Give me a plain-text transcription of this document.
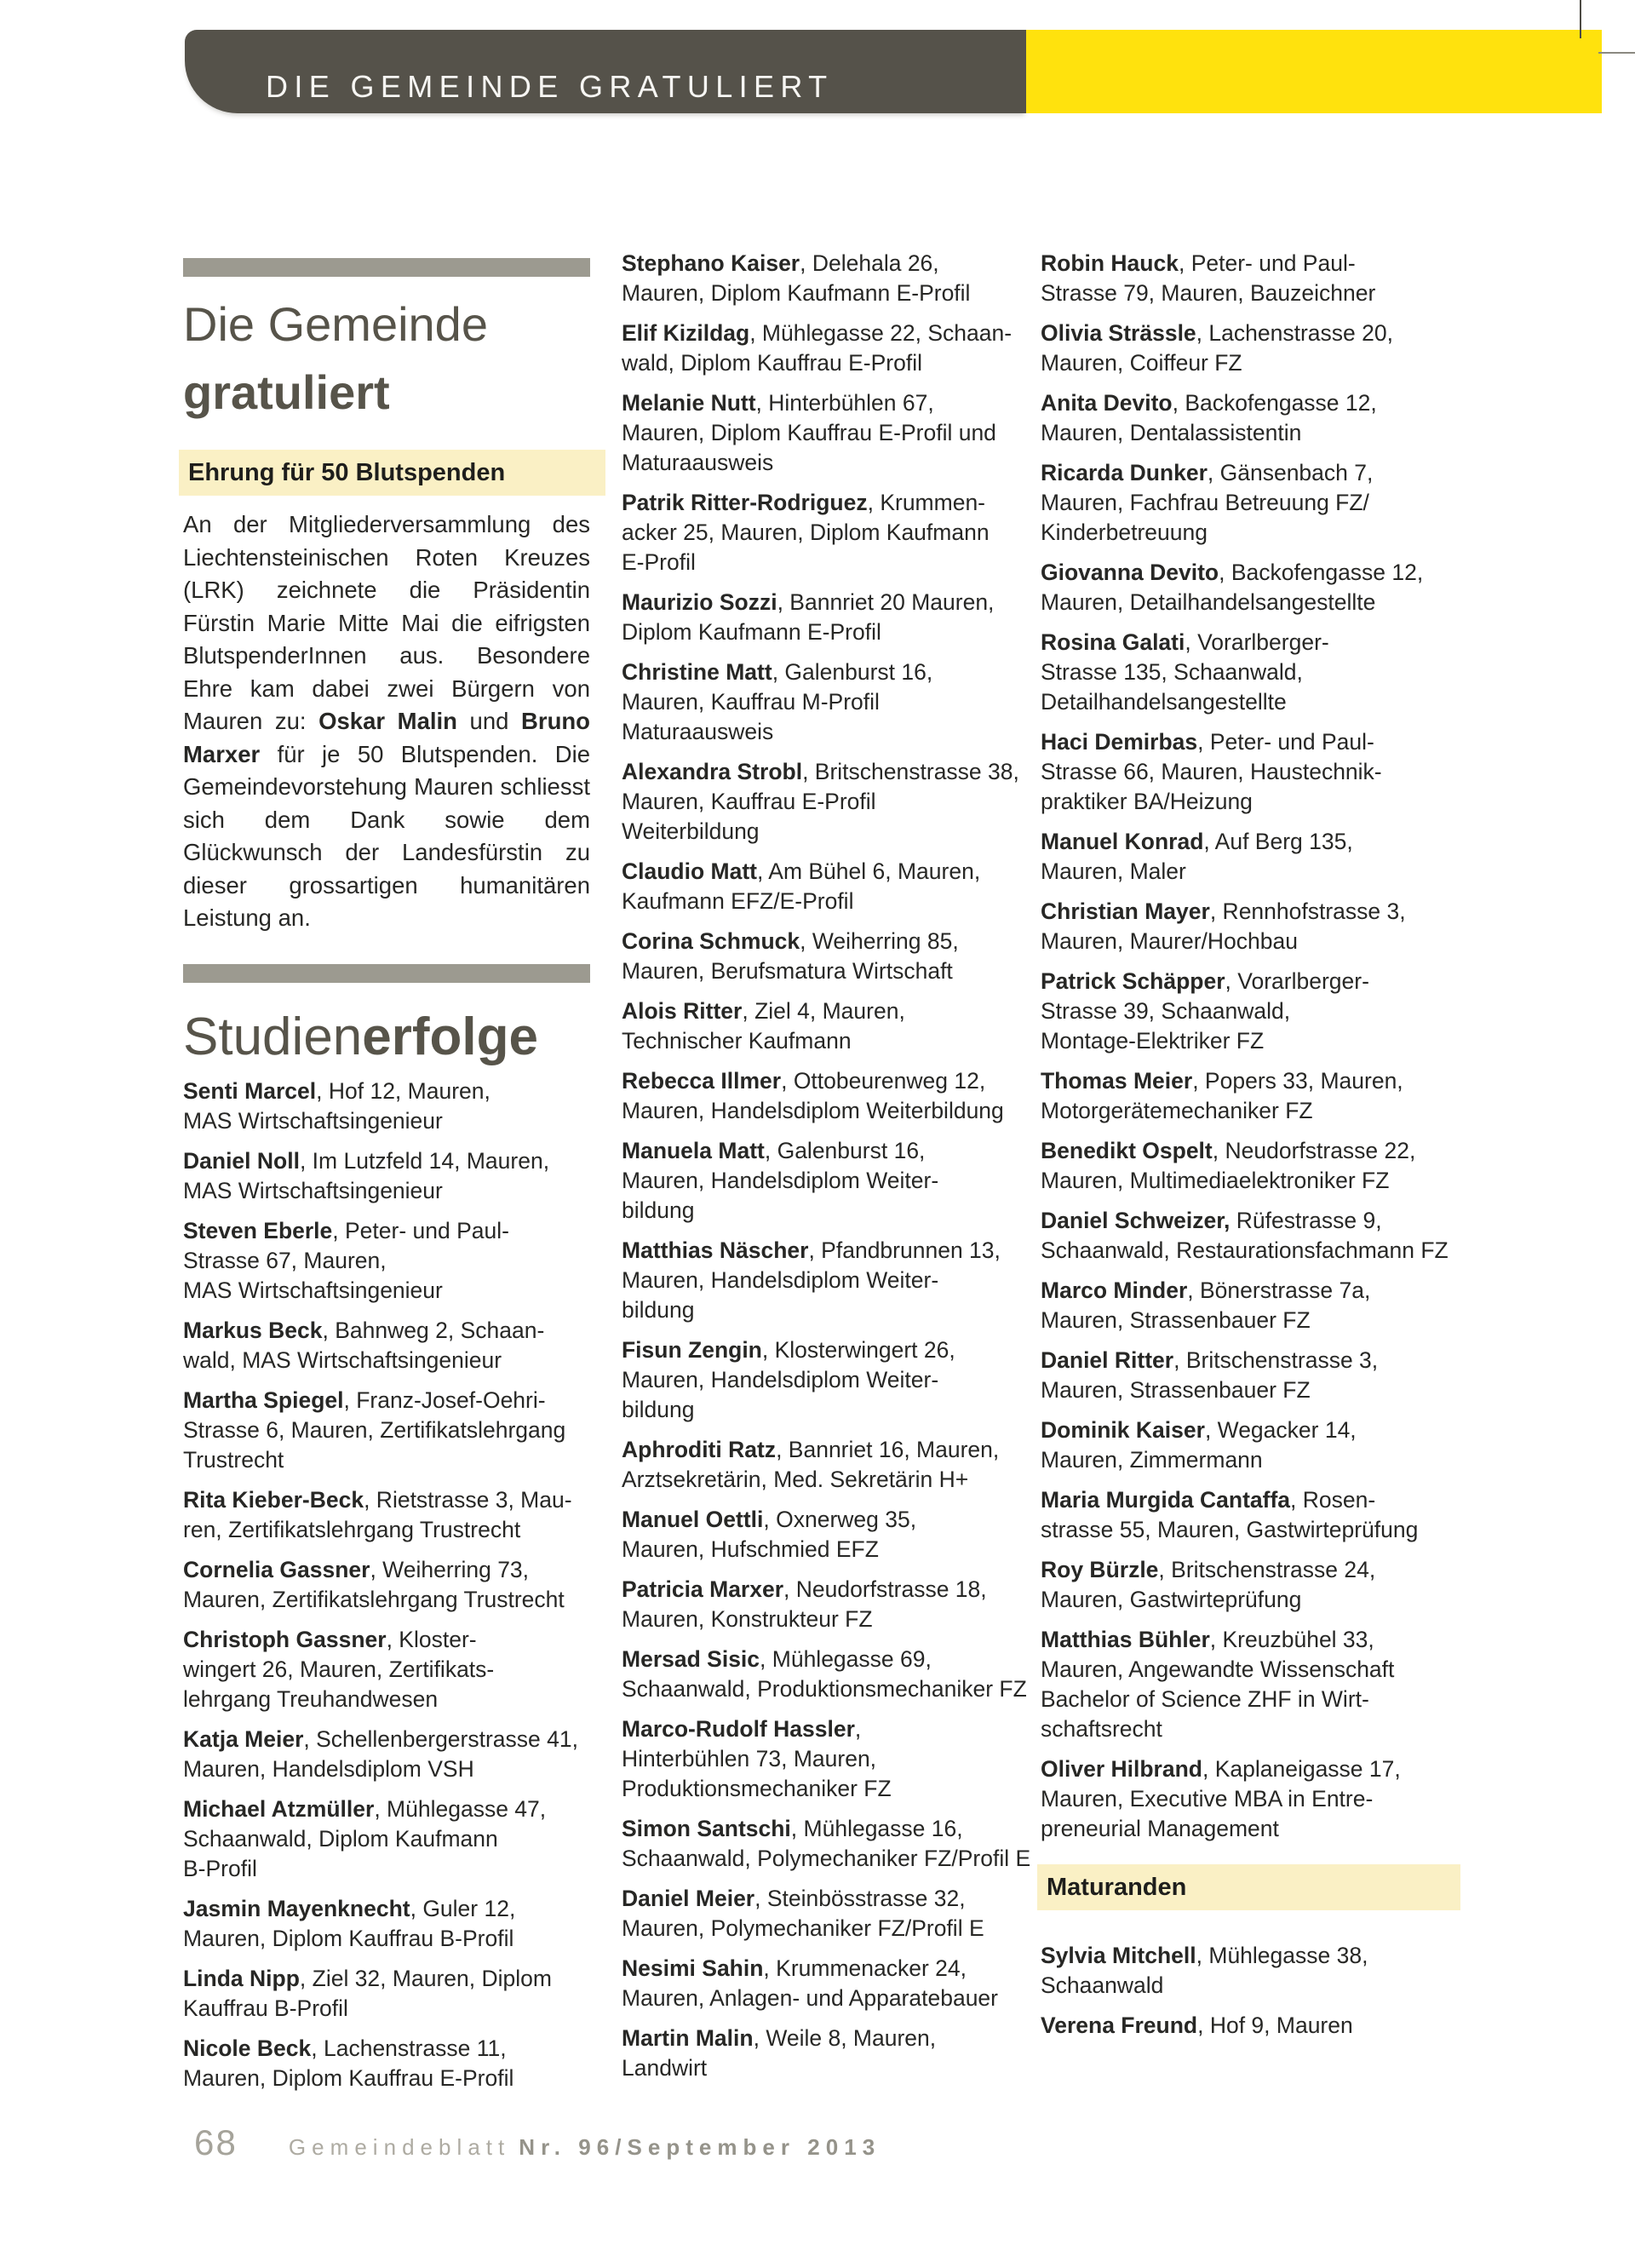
DIE GEMEINDE GRATULIERT
Die Gemeinde
gratuliert
Ehrung für 50 Blutspenden

An der Mitgliederversammlung des Liechtensteinischen Roten Kreuzes (LRK) zeichnete die Präsidentin Fürstin Marie Mitte Mai die eifrigsten BlutspenderInnen aus. Besondere Ehre kam dabei zwei Bürgern von Mauren zu: Oskar Malin und Bruno Marxer für je 50 Blutspenden. Die Gemeindevorstehung Mauren schliesst sich dem Dank sowie dem Glückwunsch der Landesfürstin zu dieser grossartigen humanitären Leistung an.

Studienerfolge

Senti Marcel, Hof 12, Mauren,
MAS Wirtschaftsingenieur

Daniel Noll, Im Lutzfeld 14, Mauren,
MAS Wirtschaftsingenieur

Steven Eberle, Peter- und Paul-
Strasse 67, Mauren,
MAS Wirtschaftsingenieur

Markus Beck, Bahnweg 2, Schaan-
wald, MAS Wirtschaftsingenieur

Martha Spiegel, Franz-Josef-Oehri-
Strasse 6, Mauren, Zertifikatslehrgang
Trustrecht

Rita Kieber-Beck, Rietstrasse 3, Mau-
ren, Zertifikatslehrgang Trustrecht

Cornelia Gassner, Weiherring 73,
Mauren, Zertifikatslehrgang Trustrecht

Christoph Gassner, Kloster-
wingert 26, Mauren, Zertifikats-
lehrgang Treuhandwesen

Katja Meier, Schellenbergerstrasse 41,
Mauren, Handelsdiplom VSH

Michael Atzmüller, Mühlegasse 47,
Schaanwald, Diplom Kaufmann
B-Profil

Jasmin Mayenknecht, Guler 12,
Mauren, Diplom Kauffrau B-Profil

Linda Nipp, Ziel 32, Mauren, Diplom
Kauffrau B-Profil

Nicole Beck, Lachenstrasse 11,
Mauren, Diplom Kauffrau E-Profil

Stephano Kaiser, Delehala 26,
Mauren, Diplom Kaufmann E-Profil

Elif Kizildag, Mühlegasse 22, Schaan-
wald, Diplom Kauffrau E-Profil

Melanie Nutt, Hinterbühlen 67,
Mauren, Diplom Kauffrau E-Profil und
Maturaausweis

Patrik Ritter-Rodriguez, Krummen-
acker 25, Mauren, Diplom Kaufmann
E-Profil

Maurizio Sozzi, Bannriet 20 Mauren,
Diplom Kaufmann E-Profil

Christine Matt, Galenburst 16,
Mauren, Kauffrau M-Profil
Maturaausweis

Alexandra Strobl, Britschenstrasse 38,
Mauren, Kauffrau E-Profil
Weiterbildung

Claudio Matt, Am Bühel 6, Mauren,
Kaufmann EFZ/E-Profil

Corina Schmuck, Weiherring 85,
Mauren, Berufsmatura Wirtschaft

Alois Ritter, Ziel 4, Mauren,
Technischer Kaufmann

Rebecca Illmer, Ottobeurenweg 12,
Mauren, Handelsdiplom Weiterbildung

Manuela Matt, Galenburst 16,
Mauren, Handelsdiplom Weiter-
bildung

Matthias Näscher, Pfandbrunnen 13,
Mauren, Handelsdiplom Weiter-
bildung

Fisun Zengin, Klosterwingert 26,
Mauren, Handelsdiplom Weiter-
bildung

Aphroditi Ratz, Bannriet 16, Mauren,
Arztsekretärin, Med. Sekretärin H+

Manuel Oettli, Oxnerweg 35,
Mauren, Hufschmied EFZ

Patricia Marxer, Neudorfstrasse 18,
Mauren, Konstrukteur FZ

Mersad Sisic, Mühlegasse 69,
Schaanwald, Produktionsmechaniker FZ

Marco-Rudolf Hassler,
Hinterbühlen 73, Mauren,
Produktionsmechaniker FZ

Simon Santschi, Mühlegasse 16,
Schaanwald, Polymechaniker FZ/Profil E

Daniel Meier, Steinbösstrasse 32,
Mauren, Polymechaniker FZ/Profil E

Nesimi Sahin, Krummenacker 24,
Mauren, Anlagen- und Apparatebauer

Martin Malin, Weile 8, Mauren,
Landwirt

Robin Hauck, Peter- und Paul-
Strasse 79, Mauren, Bauzeichner

Olivia Strässle, Lachenstrasse 20,
Mauren, Coiffeur FZ

Anita Devito, Backofengasse 12,
Mauren, Dentalassistentin

Ricarda Dunker, Gänsenbach 7,
Mauren, Fachfrau Betreuung FZ/
Kinderbetreuung

Giovanna Devito, Backofengasse 12,
Mauren, Detailhandelsangestellte

Rosina Galati, Vorarlberger-
Strasse 135, Schaanwald,
Detailhandelsangestellte

Haci Demirbas, Peter- und Paul-
Strasse 66, Mauren, Haustechnik-
praktiker BA/Heizung

Manuel Konrad, Auf Berg 135,
Mauren, Maler

Christian Mayer, Rennhofstrasse 3,
Mauren, Maurer/Hochbau

Patrick Schäpper, Vorarlberger-
Strasse 39, Schaanwald,
Montage-Elektriker FZ

Thomas Meier, Popers 33, Mauren,
Motorgerätemechaniker FZ

Benedikt Ospelt, Neudorfstrasse 22,
Mauren, Multimediaelektroniker FZ

Daniel Schweizer, Rüfestrasse 9,
Schaanwald, Restaurationsfachmann FZ

Marco Minder, Bönerstrasse 7a,
Mauren, Strassenbauer FZ

Daniel Ritter, Britschenstrasse 3,
Mauren, Strassenbauer FZ

Dominik Kaiser, Wegacker 14,
Mauren, Zimmermann

Maria Murgida Cantaffa, Rosen-
strasse 55, Mauren, Gastwirteprüfung

Roy Bürzle, Britschenstrasse 24,
Mauren, Gastwirteprüfung

Matthias Bühler, Kreuzbühel 33,
Mauren, Angewandte Wissenschaft
Bachelor of Science ZHF in Wirt-
schaftsrecht

Oliver Hilbrand, Kaplaneigasse 17,
Mauren, Executive MBA in Entre-
preneurial Management

Maturanden

Sylvia Mitchell, Mühlegasse 38,
Schaanwald

Verena Freund, Hof 9, Mauren

68 Gemeindeblatt Nr. 96/September 2013
